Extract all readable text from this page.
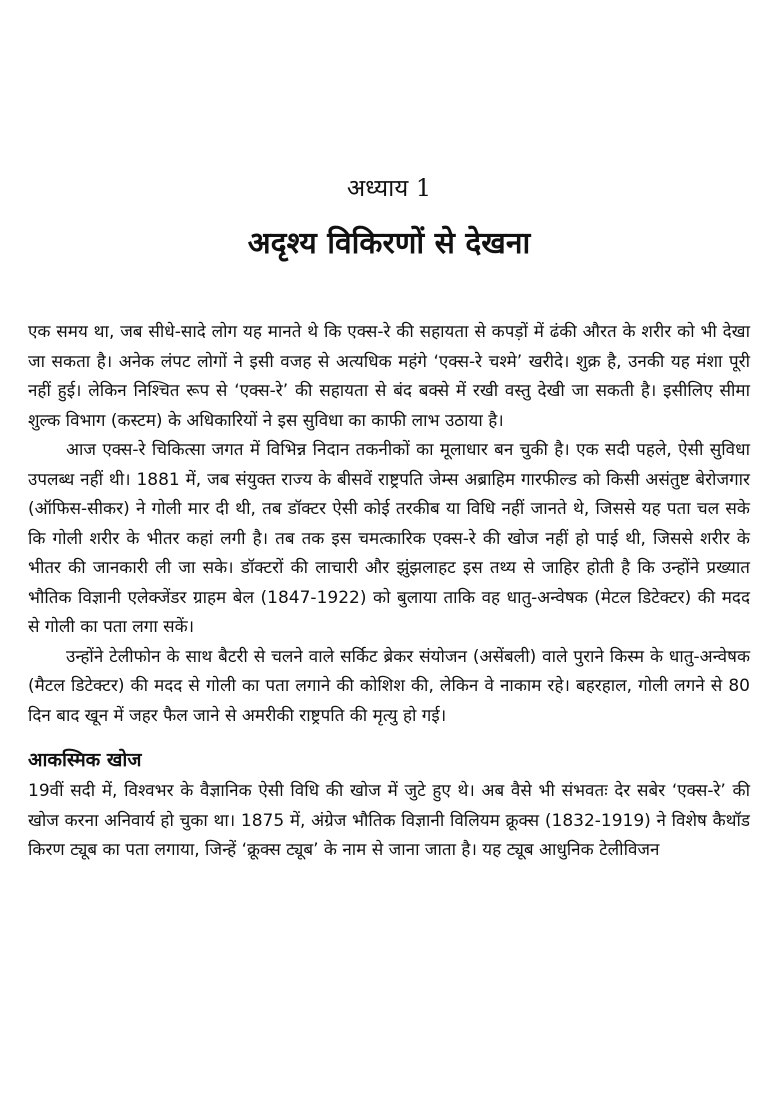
अध्याय 1
अदृश्य विकिरणों से देखना

एक समय था, जब सीधे-सादे लोग यह मानते थे कि एक्स-रे की सहायता से कपड़ों में ढंकी औरत के शरीर को भी देखा जा सकता है। अनेक लंपट लोगों ने इसी वजह से अत्यधिक महंगे ‘एक्स-रे चश्मे’ खरीदे। शुक्र है, उनकी यह मंशा पूरी नहीं हुई। लेकिन निश्चित रूप से ‘एक्स-रे’ की सहायता से बंद बक्से में रखी वस्तु देखी जा सकती है। इसीलिए सीमा शुल्क विभाग (कस्टम) के अधिकारियों ने इस सुविधा का काफी लाभ उठाया है।

आज एक्स-रे चिकित्सा जगत में विभिन्न निदान तकनीकों का मूलाधार बन चुकी है। एक सदी पहले, ऐसी सुविधा उपलब्ध नहीं थी। 1881 में, जब संयुक्त राज्य के बीसवें राष्ट्रपति जेम्स अब्राहिम गारफील्ड को किसी असंतुष्ट बेरोजगार (ऑफिस-सीकर) ने गोली मार दी थी, तब डॉक्टर ऐसी कोई तरकीब या विधि नहीं जानते थे, जिससे यह पता चल सके कि गोली शरीर के भीतर कहां लगी है। तब तक इस चमत्कारिक एक्स-रे की खोज नहीं हो पाई थी, जिससे शरीर के भीतर की जानकारी ली जा सके। डॉक्टरों की लाचारी और झुंझलाहट इस तथ्य से जाहिर होती है कि उन्होंने प्रख्यात भौतिक विज्ञानी एलेक्जेंडर ग्राहम बेल (1847-1922) को बुलाया ताकि वह धातु-अन्वेषक (मेटल डिटेक्टर) की मदद से गोली का पता लगा सकें।

उन्होंने टेलीफोन के साथ बैटरी से चलने वाले सर्किट ब्रेकर संयोजन (असेंबली) वाले पुराने किस्म के धातु-अन्वेषक (मैटल डिटेक्टर) की मदद से गोली का पता लगाने की कोशिश की, लेकिन वे नाकाम रहे। बहरहाल, गोली लगने से 80 दिन बाद खून में जहर फैल जाने से अमरीकी राष्ट्रपति की मृत्यु हो गई।

आकस्मिक खोज

19वीं सदी में, विश्वभर के वैज्ञानिक ऐसी विधि की खोज में जुटे हुए थे। अब वैसे भी संभवतः देर सबेर ‘एक्स-रे’ की खोज करना अनिवार्य हो चुका था। 1875 में, अंग्रेज भौतिक विज्ञानी विलियम क्रूक्स (1832-1919) ने विशेष कैथॉड किरण ट्यूब का पता लगाया, जिन्हें ‘क्रूक्स ट्यूब’ के नाम से जाना जाता है। यह ट्यूब आधुनिक टेलीविजन
